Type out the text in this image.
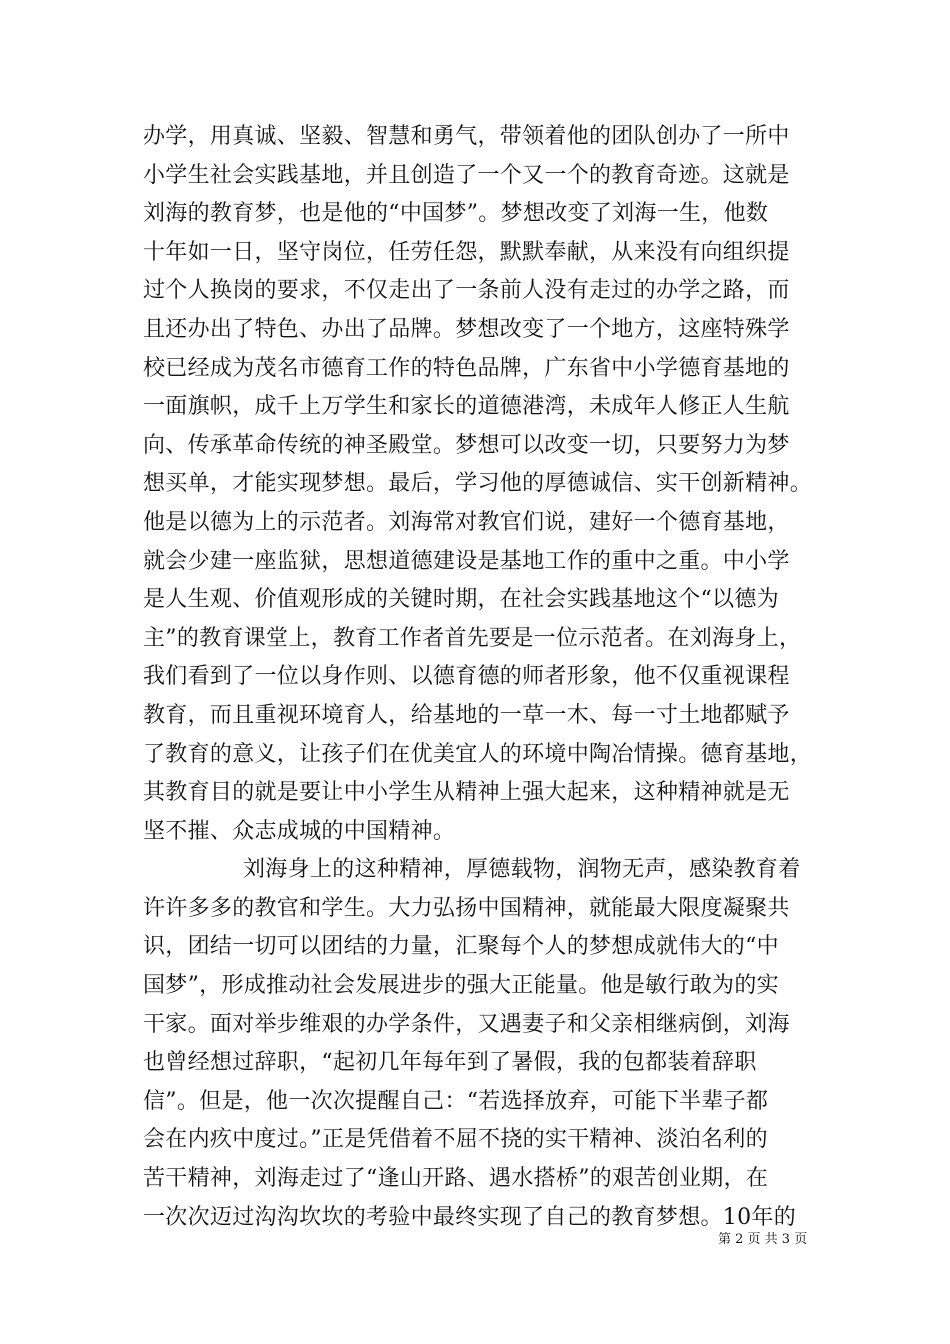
办学，用真诚、坚毅、智慧和勇气，带领着他的团队创办了一所中
小学生社会实践基地，并且创造了一个又一个的教育奇迹。这就是
刘海的教育梦，也是他的“中国梦”。梦想改变了刘海一生，他数
十年如一日，坚守岗位，任劳任怨，默默奉献，从来没有向组织提
过个人换岗的要求，不仅走出了一条前人没有走过的办学之路，而
且还办出了特色、办出了品牌。梦想改变了一个地方，这座特殊学
校已经成为茂名市德育工作的特色品牌，广东省中小学德育基地的
一面旗帜，成千上万学生和家长的道德港湾，未成年人修正人生航
向、传承革命传统的神圣殿堂。梦想可以改变一切，只要努力为梦
想买单，才能实现梦想。最后，学习他的厚德诚信、实干创新精神。
他是以德为上的示范者。刘海常对教官们说，建好一个德育基地，
就会少建一座监狱，思想道德建设是基地工作的重中之重。中小学
是人生观、价值观形成的关键时期，在社会实践基地这个“以德为
主”的教育课堂上，教育工作者首先要是一位示范者。在刘海身上，
我们看到了一位以身作则、以德育德的师者形象，他不仅重视课程
教育，而且重视环境育人，给基地的一草一木、每一寸土地都赋予
了教育的意义，让孩子们在优美宜人的环境中陶冶情操。德育基地，
其教育目的就是要让中小学生从精神上强大起来，这种精神就是无
坚不摧、众志成城的中国精神。
刘海身上的这种精神，厚德载物，润物无声，感染教育着
许许多多的教官和学生。大力弘扬中国精神，就能最大限度凝聚共
识，团结一切可以团结的力量，汇聚每个人的梦想成就伟大的“中
国梦”，形成推动社会发展进步的强大正能量。他是敏行敢为的实
干家。面对举步维艰的办学条件，又遇妻子和父亲相继病倒，刘海
也曾经想过辞职，“起初几年每年到了暑假，我的包都装着辞职
信”。但是，他一次次提醒自己：“若选择放弃，可能下半辈子都
会在内疚中度过。”正是凭借着不屈不挠的实干精神、淡泊名利的
苦干精神，刘海走过了“逢山开路、遇水搭桥”的艰苦创业期，在
一次次迈过沟沟坎坎的考验中最终实现了自己的教育梦想。10年的
第 2 页 共 3 页
